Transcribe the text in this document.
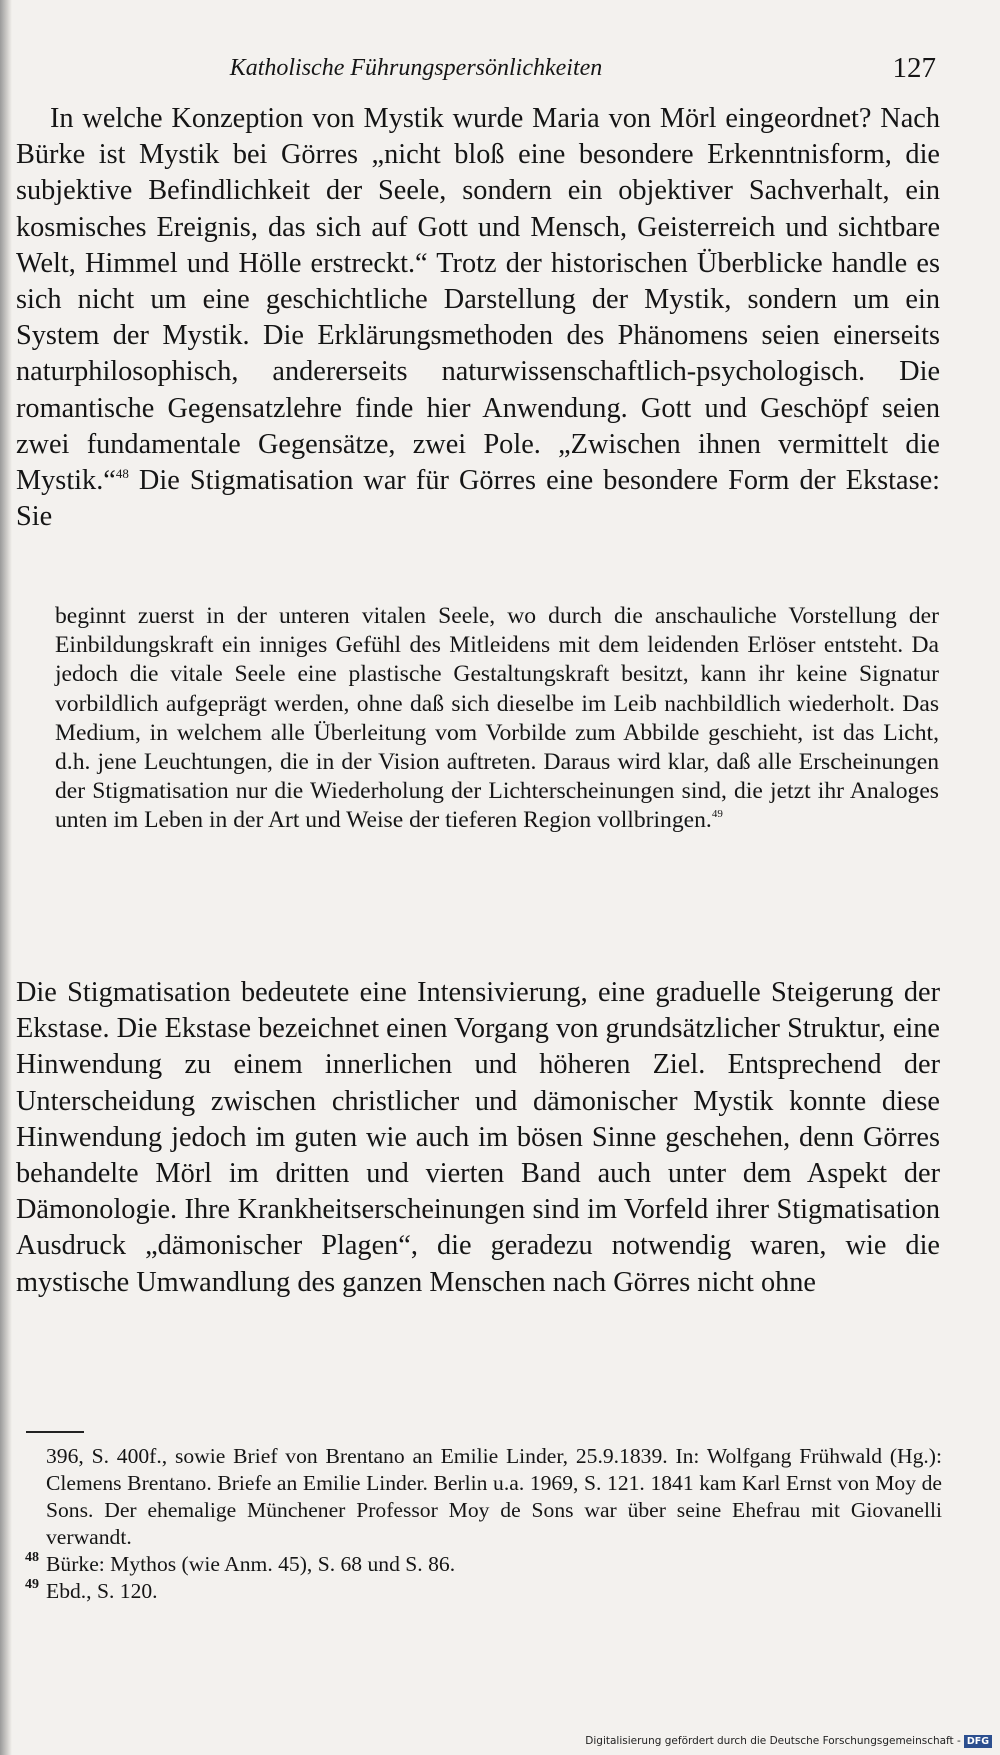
Katholische Führungspersönlichkeiten	127

In welche Konzeption von Mystik wurde Maria von Mörl eingeordnet? Nach Bürke ist Mystik bei Görres „nicht bloß eine besondere Erkenntnisform, die subjektive Befindlichkeit der Seele, sondern ein objektiver Sachverhalt, ein kosmisches Ereignis, das sich auf Gott und Mensch, Geisterreich und sichtbare Welt, Himmel und Hölle erstreckt.“ Trotz der historischen Überblicke handle es sich nicht um eine geschichtliche Darstellung der Mystik, sondern um ein System der Mystik. Die Erklärungsmethoden des Phänomens seien einerseits naturphilosophisch, andererseits naturwissenschaftlich-psychologisch. Die romantische Gegensatzlehre finde hier Anwendung. Gott und Geschöpf seien zwei fundamentale Gegensätze, zwei Pole. „Zwischen ihnen vermittelt die Mystik.“$^{48}$ Die Stigmatisation war für Görres eine besondere Form der Ekstase: Sie

beginnt zuerst in der unteren vitalen Seele, wo durch die anschauliche Vorstellung der Einbildungskraft ein inniges Gefühl des Mitleidens mit dem leidenden Erlöser entsteht. Da jedoch die vitale Seele eine plastische Gestaltungskraft besitzt, kann ihr keine Signatur vorbildlich aufgeprägt werden, ohne daß sich dieselbe im Leib nachbildlich wiederholt. Das Medium, in welchem alle Überleitung vom Vorbilde zum Abbilde geschieht, ist das Licht, d.h. jene Leuchtungen, die in der Vision auftreten. Daraus wird klar, daß alle Erscheinungen der Stigmatisation nur die Wiederholung der Lichterscheinungen sind, die jetzt ihr Analoges unten im Leben in der Art und Weise der tieferen Region vollbringen.$^{49}$

Die Stigmatisation bedeutete eine Intensivierung, eine graduelle Steigerung der Ekstase. Die Ekstase bezeichnet einen Vorgang von grundsätzlicher Struktur, eine Hinwendung zu einem innerlichen und höheren Ziel. Entsprechend der Unterscheidung zwischen christlicher und dämonischer Mystik konnte diese Hinwendung jedoch im guten wie auch im bösen Sinne geschehen, denn Görres behandelte Mörl im dritten und vierten Band auch unter dem Aspekt der Dämonologie. Ihre Krankheitserscheinungen sind im Vorfeld ihrer Stigmatisation Ausdruck „dämonischer Plagen“, die geradezu notwendig waren, wie die mystische Umwandlung des ganzen Menschen nach Görres nicht ohne

396, S. 400f., sowie Brief von Brentano an Emilie Linder, 25.9.1839. In: Wolfgang Frühwald (Hg.): Clemens Brentano. Briefe an Emilie Linder. Berlin u.a. 1969, S. 121. 1841 kam Karl Ernst von Moy de Sons. Der ehemalige Münchener Professor Moy de Sons war über seine Ehefrau mit Giovanelli verwandt.

48 Bürke: Mythos (wie Anm. 45), S. 68 und S. 86.

49 Ebd., S. 120.

Digitalisierung gefördert durch die Deutsche Forschungsgemeinschaft - DFG
